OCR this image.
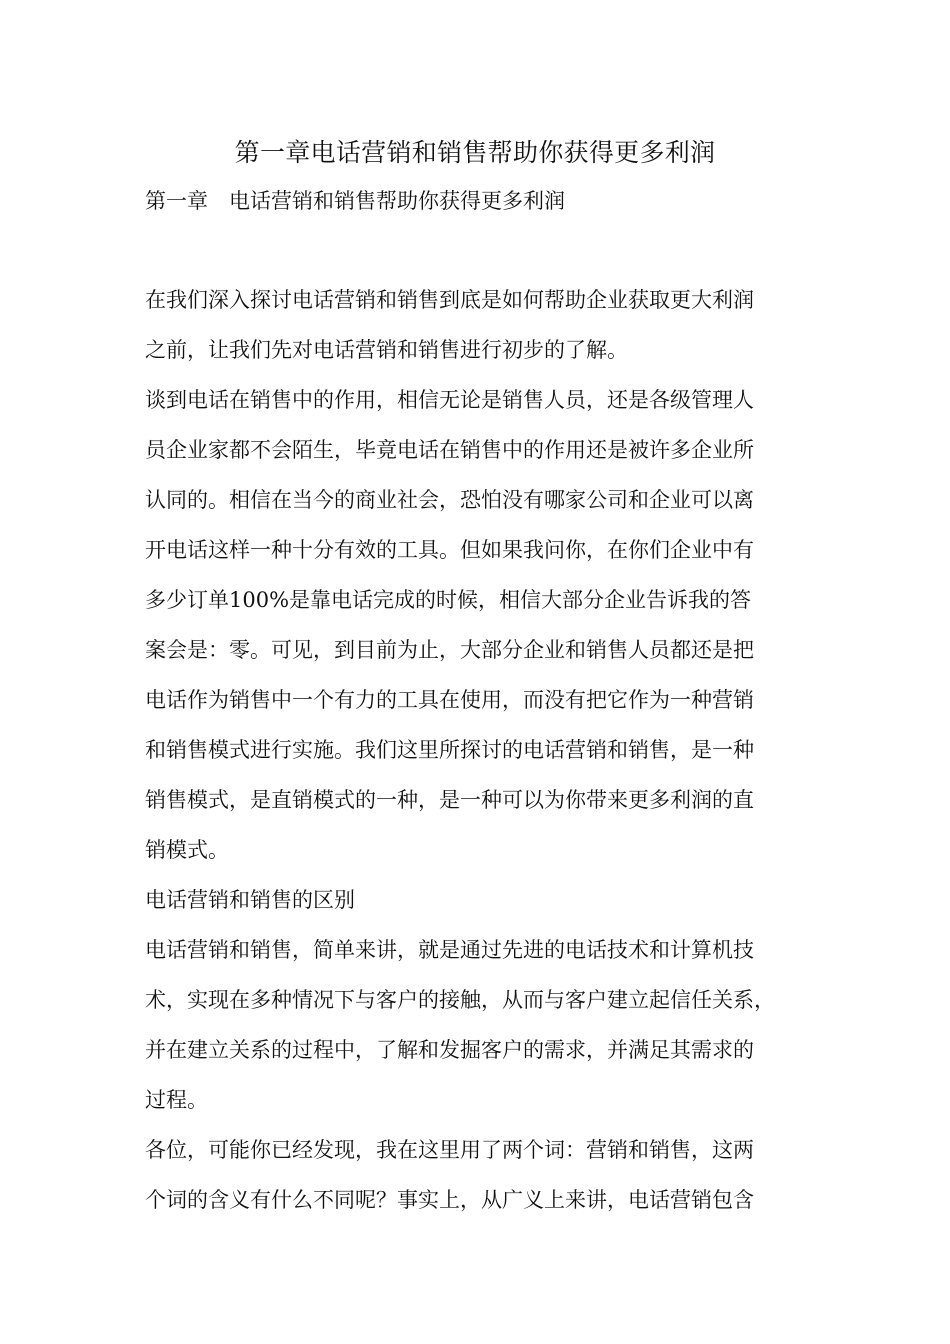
第一章电话营销和销售帮助你获得更多利润
第一章　电话营销和销售帮助你获得更多利润
在我们深入探讨电话营销和销售到底是如何帮助企业获取更大利润
之前，让我们先对电话营销和销售进行初步的了解。
谈到电话在销售中的作用，相信无论是销售人员，还是各级管理人
员企业家都不会陌生，毕竟电话在销售中的作用还是被许多企业所
认同的。相信在当今的商业社会，恐怕没有哪家公司和企业可以离
开电话这样一种十分有效的工具。但如果我问你，在你们企业中有
多少订单100%是靠电话完成的时候，相信大部分企业告诉我的答
案会是：零。可见，到目前为止，大部分企业和销售人员都还是把
电话作为销售中一个有力的工具在使用，而没有把它作为一种营销
和销售模式进行实施。我们这里所探讨的电话营销和销售，是一种
销售模式，是直销模式的一种，是一种可以为你带来更多利润的直
销模式。
电话营销和销售的区别
电话营销和销售，简单来讲，就是通过先进的电话技术和计算机技
术，实现在多种情况下与客户的接触，从而与客户建立起信任关系，
并在建立关系的过程中，了解和发掘客户的需求，并满足其需求的
过程。
各位，可能你已经发现，我在这里用了两个词：营销和销售，这两
个词的含义有什么不同呢？事实上，从广义上来讲，电话营销包含
